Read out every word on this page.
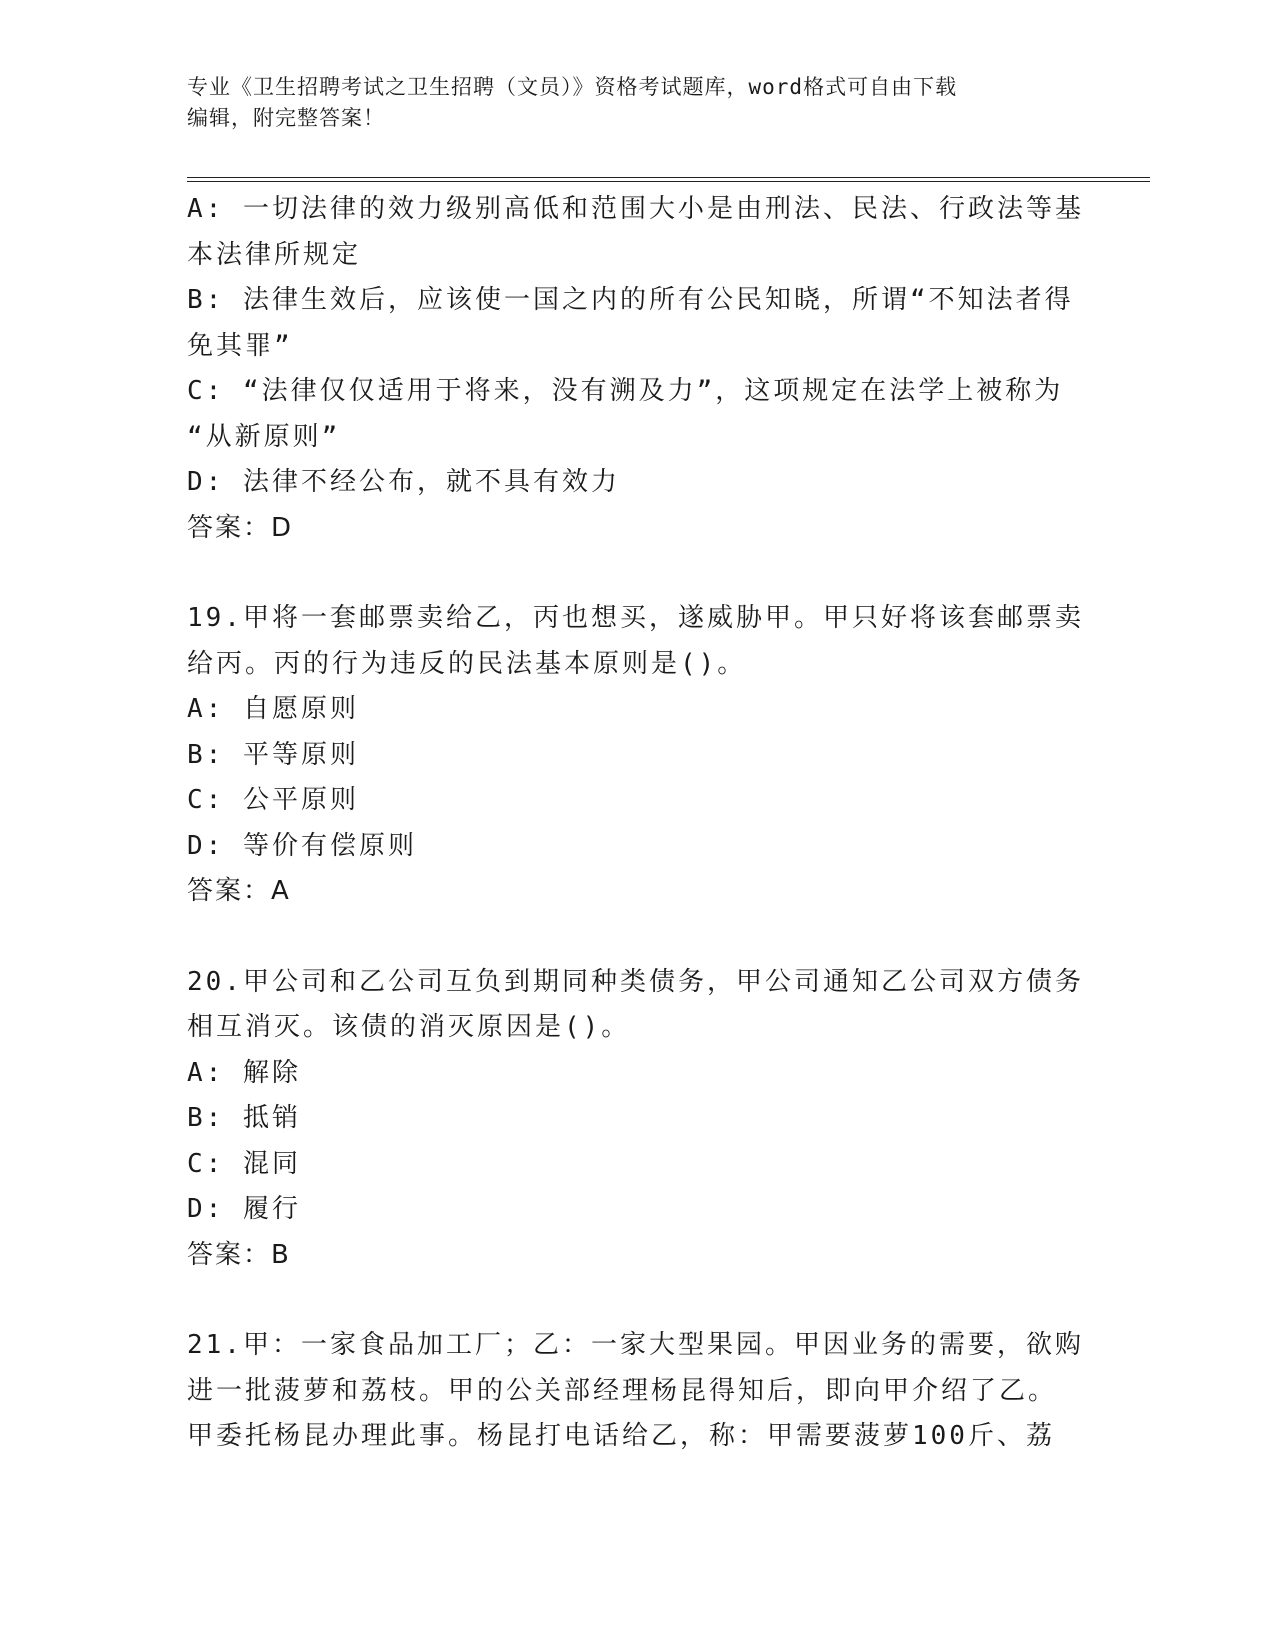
专业《卫生招聘考试之卫生招聘（文员）》资格考试题库，word格式可自由下载
编辑，附完整答案！
A: 一切法律的效力级别高低和范围大小是由刑法、民法、行政法等基
本法律所规定
B: 法律生效后，应该使一国之内的所有公民知晓，所谓“不知法者得
免其罪”
C: “法律仅仅适用于将来，没有溯及力”，这项规定在法学上被称为
“从新原则”
D: 法律不经公布，就不具有效力
答案：D
19.甲将一套邮票卖给乙，丙也想买，遂威胁甲。甲只好将该套邮票卖
给丙。丙的行为违反的民法基本原则是()。
A: 自愿原则
B: 平等原则
C: 公平原则
D: 等价有偿原则
答案：A
20.甲公司和乙公司互负到期同种类债务，甲公司通知乙公司双方债务
相互消灭。该债的消灭原因是()。
A: 解除
B: 抵销
C: 混同
D: 履行
答案：B
21.甲：一家食品加工厂；乙：一家大型果园。甲因业务的需要，欲购
进一批菠萝和荔枝。甲的公关部经理杨昆得知后，即向甲介绍了乙。
甲委托杨昆办理此事。杨昆打电话给乙，称：甲需要菠萝100斤、荔
